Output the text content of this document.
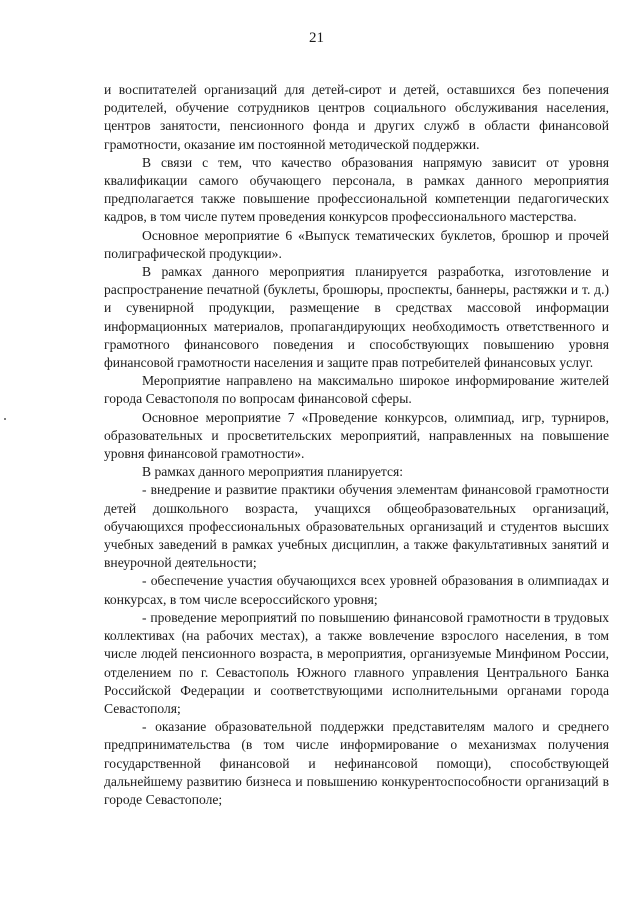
21

и воспитателей организаций для детей-сирот и детей, оставшихся без попечения родителей, обучение сотрудников центров социального обслуживания населения, центров занятости, пенсионного фонда и других служб в области финансовой грамотности, оказание им постоянной методической поддержки.

В связи с тем, что качество образования напрямую зависит от уровня квалификации самого обучающего персонала, в рамках данного мероприятия предполагается также повышение профессиональной компетенции педагогических кадров, в том числе путем проведения конкурсов профессионального мастерства.

Основное мероприятие 6 «Выпуск тематических буклетов, брошюр и прочей полиграфической продукции».

В рамках данного мероприятия планируется разработка, изготовление и распространение печатной (буклеты, брошюры, проспекты, баннеры, растяжки и т. д.) и сувенирной продукции, размещение в средствах массовой информации информационных материалов, пропагандирующих необходимость ответственного и грамотного финансового поведения и способствующих повышению уровня финансовой грамотности населения и защите прав потребителей финансовых услуг.

Мероприятие направлено на максимально широкое информирование жителей города Севастополя по вопросам финансовой сферы.

Основное мероприятие 7 «Проведение конкурсов, олимпиад, игр, турниров, образовательных и просветительских мероприятий, направленных на повышение уровня финансовой грамотности».

В рамках данного мероприятия планируется:

- внедрение и развитие практики обучения элементам финансовой грамотности детей дошкольного возраста, учащихся общеобразовательных организаций, обучающихся профессиональных образовательных организаций и студентов высших учебных заведений в рамках учебных дисциплин, а также факультативных занятий и внеурочной деятельности;

- обеспечение участия обучающихся всех уровней образования в олимпиадах и конкурсах, в том числе всероссийского уровня;

- проведение мероприятий по повышению финансовой грамотности в трудовых коллективах (на рабочих местах), а также вовлечение взрослого населения, в том числе людей пенсионного возраста, в мероприятия, организуемые Минфином России, отделением по г. Севастополь Южного главного управления Центрального Банка Российской Федерации и соответствующими исполнительными органами города Севастополя;

- оказание образовательной поддержки представителям малого и среднего предпринимательства (в том числе информирование о механизмах получения государственной финансовой и нефинансовой помощи), способствующей дальнейшему развитию бизнеса и повышению конкурентоспособности организаций в городе Севастополе;
